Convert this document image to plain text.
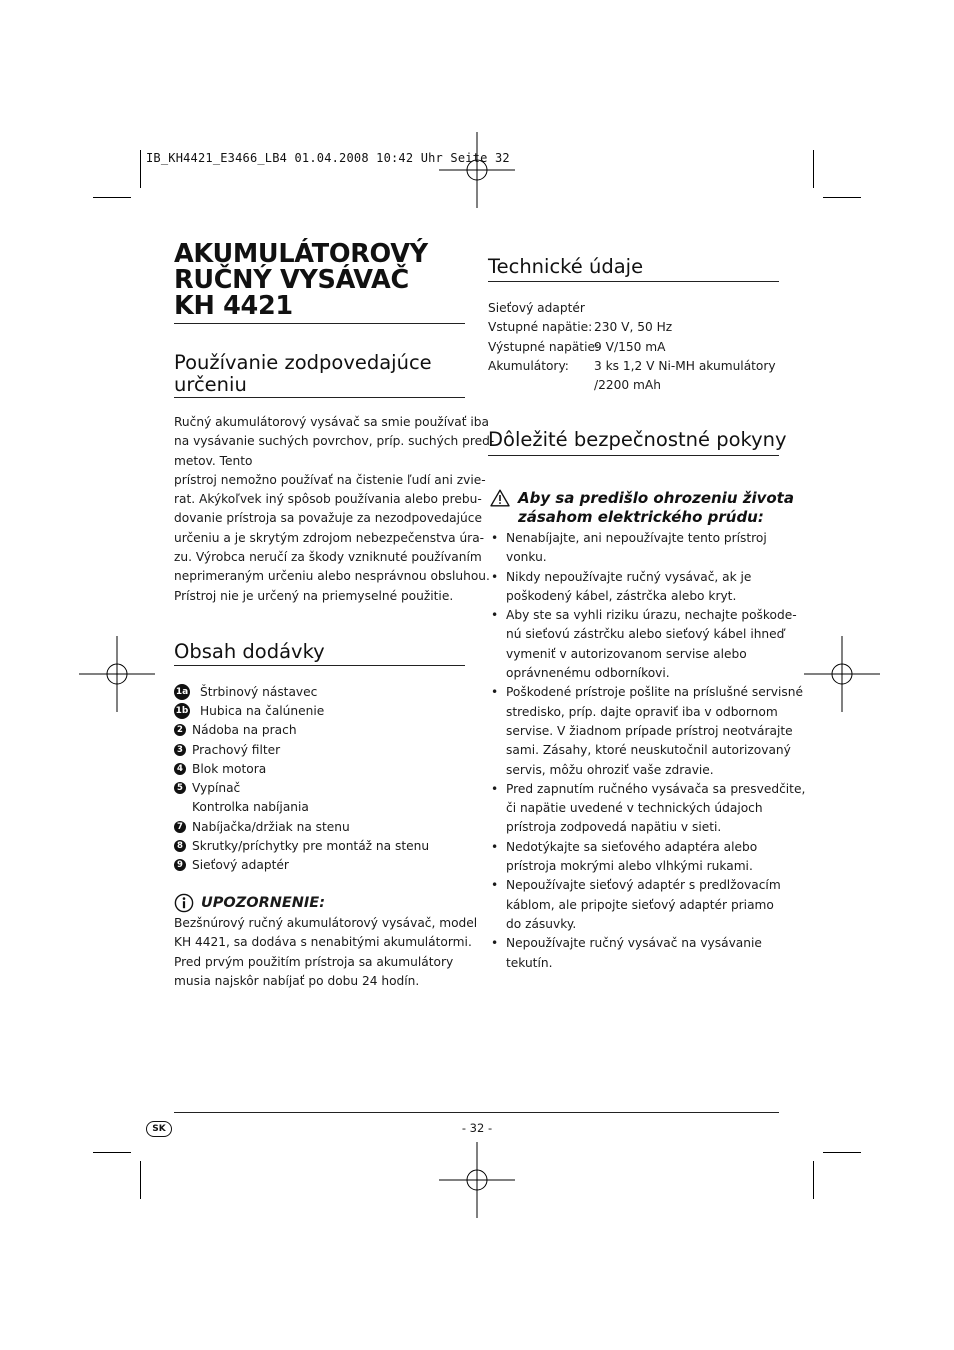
IB_KH4421_E3466_LB4 01.04.2008 10:42 Uhr Seite 32
AKUMULÁTOROVÝ
RUČNÝ VYSÁVAČ
KH 4421
Používanie zodpovedajúce
určeniu
Ručný akumulátorový vysávač sa smie používať iba
na vysávanie suchých povrchov, príp. suchých pred-
metov. Tento
prístroj nemožno používať na čistenie ľudí ani zvie-
rat. Akýkoľvek iný spôsob používania alebo prebu-
dovanie prístroja sa považuje za nezodpovedajúce
určeniu a je skrytým zdrojom nebezpečenstva úra-
zu. Výrobca neručí za škody vzniknuté používaním
neprimeraným určeniu alebo nesprávnou obsluhou.
Prístroj nie je určený na priemyselné použitie.
Obsah dodávky
1a Štrbinový nástavec
1b Hubica na čalúnenie
2 Nádoba na prach
3 Prachový filter
4 Blok motora
5 Vypínač
Kontrolka nabíjania
7 Nabíjačka/držiak na stenu
8 Skrutky/príchytky pre montáž na stenu
9 Sieťový adaptér
UPOZORNENIE:
Bezšnúrový ručný akumulátorový vysávač, model
KH 4421, sa dodáva s nenabitými akumulátormi.
Pred prvým použitím prístroja sa akumulátory
musia najskôr nabíjať po dobu 24 hodín.
Technické údaje
Sieťový adaptér
Vstupné napätie: 230 V, 50 Hz
Výstupné napätie:
9 V/150 mA
Akumulátory:	3 ks 1,2 V Ni-MH akumulátory
/2200 mAh
Dôležité bezpečnostné pokyny
Aby sa predišlo ohrozeniu života
zásahom elektrického prúdu:
• Nenabíjajte, ani nepoužívajte tento prístroj
vonku.
• Nikdy nepoužívajte ručný vysávač, ak je
poškodený kábel, zástrčka alebo kryt.
• Aby ste sa vyhli riziku úrazu, nechajte poškode-
nú sieťovú zástrčku alebo sieťový kábel ihneď
vymeniť v autorizovanom servise alebo
oprávnenému odborníkovi.
• Poškodené prístroje pošlite na príslušné servisné
stredisko, príp. dajte opraviť iba v odbornom
servise. V žiadnom prípade prístroj neotvárajte
sami. Zásahy, ktoré neuskutočnil autorizovaný
servis, môžu ohroziť vaše zdravie.
• Pred zapnutím ručného vysávača sa presvedčite,
či napätie uvedené v technických údajoch
prístroja zodpovedá napätiu v sieti.
• Nedotýkajte sa sieťového adaptéra alebo
prístroja mokrými alebo vlhkými rukami.
• Nepoužívajte sieťový adaptér s predlžovacím
káblom, ale pripojte sieťový adaptér priamo
do zásuvky.
• Nepoužívajte ručný vysávač na vysávanie
tekutín.
SK	- 32 -
